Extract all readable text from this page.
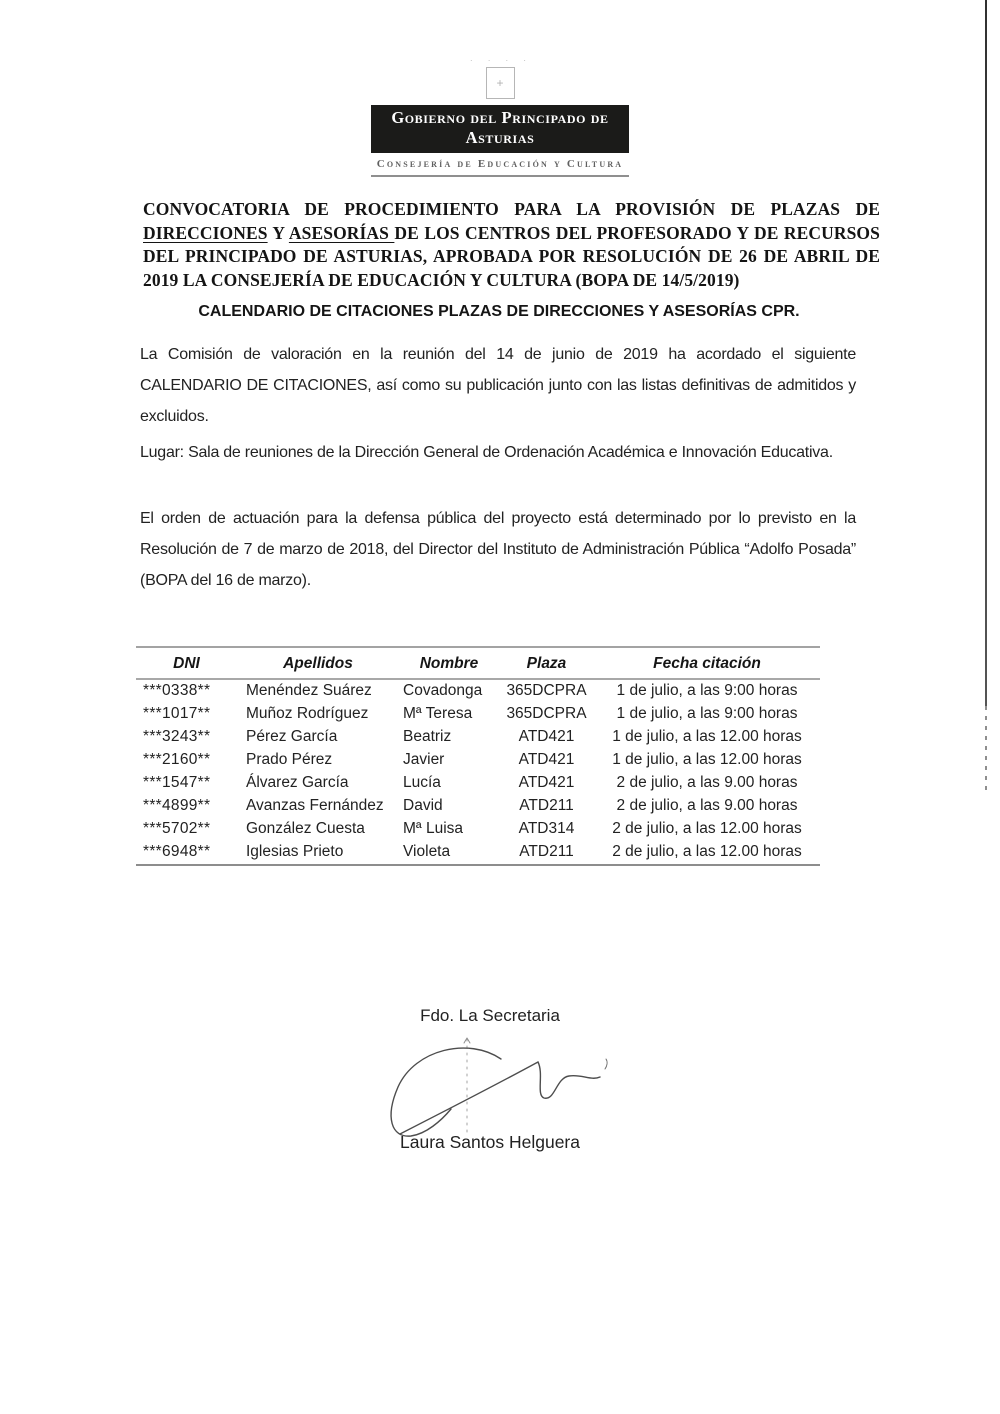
.  .  .  .
+
Gobierno del Principado de Asturias
Consejería de Educación y Cultura

CONVOCATORIA DE PROCEDIMIENTO PARA LA PROVISIÓN DE PLAZAS DE DIRECCIONES Y ASESORÍAS DE LOS CENTROS DEL PROFESORADO Y DE RECURSOS DEL PRINCIPADO DE ASTURIAS, APROBADA POR RESOLUCIÓN DE 26 DE ABRIL DE 2019 LA CONSEJERÍA DE EDUCACIÓN Y CULTURA (BOPA DE 14/5/2019)

CALENDARIO DE CITACIONES PLAZAS DE DIRECCIONES Y ASESORÍAS CPR.

La Comisión de valoración en la reunión del 14 de junio de 2019 ha acordado el siguiente CALENDARIO DE CITACIONES, así como su publicación junto con las listas definitivas de admitidos y excluidos.

Lugar: Sala de reuniones de la Dirección General de Ordenación Académica e Innovación Educativa.

El orden de actuación para la defensa pública del proyecto está determinado por lo previsto en la Resolución de 7 de marzo de 2018, del Director del Instituto de Administración Pública “Adolfo Posada” (BOPA del 16 de marzo).

DNI	Apellidos	Nombre	Plaza	Fecha citación
***0338**	Menéndez Suárez	Covadonga	365DCPRA	1 de julio, a las 9:00 horas
***1017**	Muñoz Rodríguez	Mª Teresa	365DCPRA	1 de julio, a las 9:00 horas
***3243**	Pérez García	Beatriz	ATD421	1 de julio, a las 12.00 horas
***2160**	Prado Pérez	Javier	ATD421	1 de julio, a las 12.00 horas
***1547**	Álvarez García	Lucía	ATD421	2 de julio, a las 9.00 horas
***4899**	Avanzas Fernández	David	ATD211	2 de julio, a las 9.00 horas
***5702**	González Cuesta	Mª Luisa	ATD314	2 de julio, a las 12.00 horas
***6948**	Iglesias Prieto	Violeta	ATD211	2 de julio, a las 12.00 horas
Fdo. La Secretaria
Laura Santos Helguera
